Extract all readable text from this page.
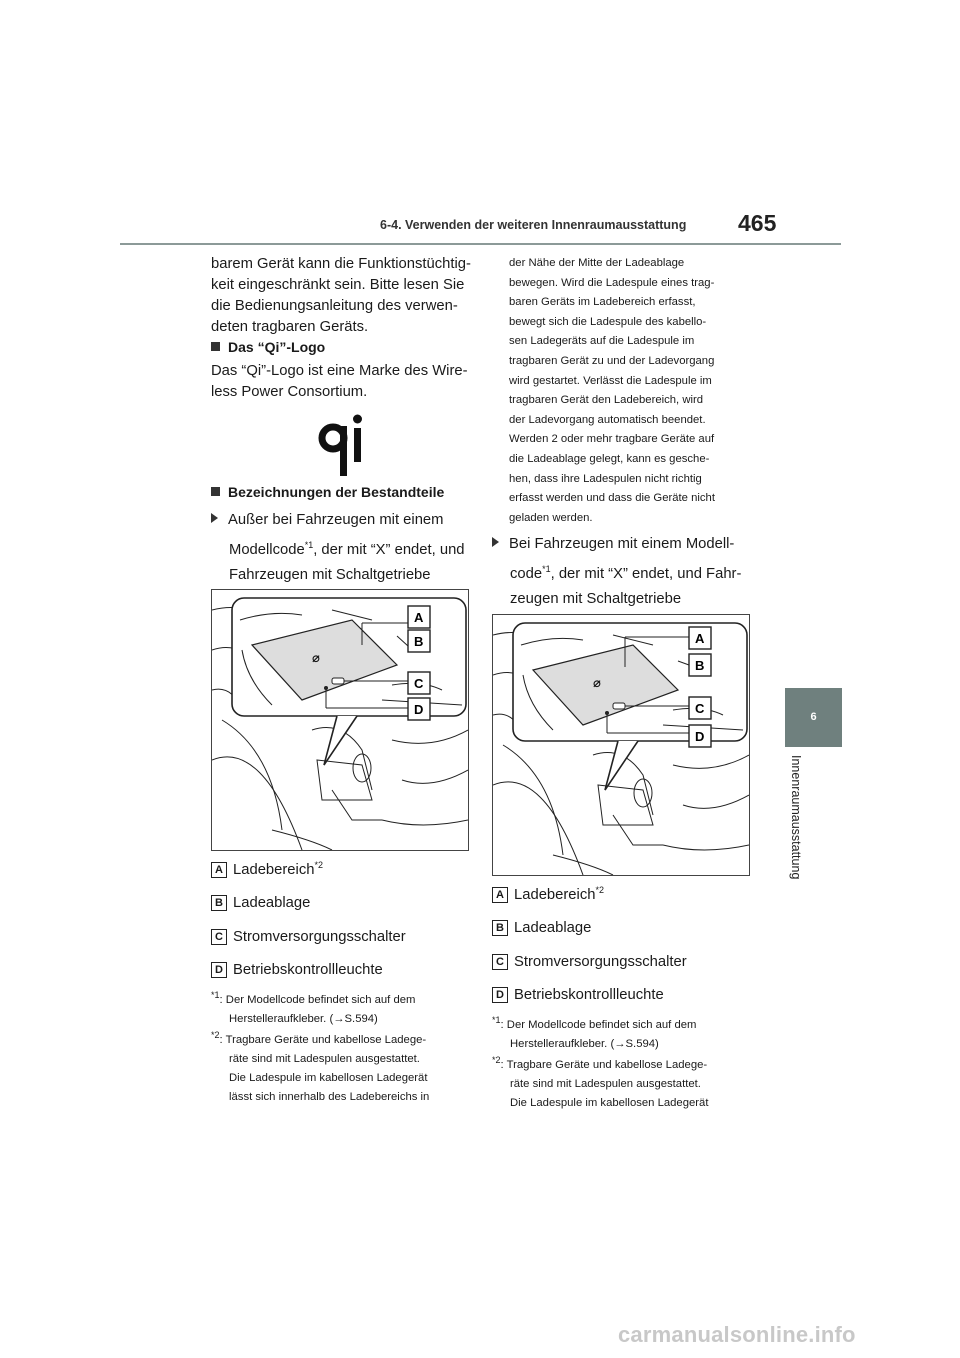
6-4. Verwenden der weiteren Innenraumausstattung 465
6
Innenraumausstattung
barem Gerät kann die Funktionstüchtig-
keit eingeschränkt sein. Bitte lesen Sie
die Bedienungsanleitung des verwen-
deten tragbaren Geräts.
Das “Qi”-Logo
Das “Qi”-Logo ist eine Marke des Wire-
less Power Consortium.
Bezeichnungen der Bestandteile
Außer bei Fahrzeugen mit einem
Modellcode$^{*1}$, der mit “X” endet, und
Fahrzeugen mit Schaltgetriebe
⌀
A
B
C
D
A Ladebereich$^{*2}$
B Ladeablage
C Stromversorgungsschalter
D Betriebskontrollleuchte
$^{*1}$: Der Modellcode befindet sich auf dem
Herstelleraufkleber. (→S.594)
$^{*2}$: Tragbare Geräte und kabellose Ladege-
räte sind mit Ladespulen ausgestattet.
Die Ladespule im kabellosen Ladegerät
lässt sich innerhalb des Ladebereichs in
der Nähe der Mitte der Ladeablage
bewegen. Wird die Ladespule eines trag-
baren Geräts im Ladebereich erfasst,
bewegt sich die Ladespule des kabello-
sen Ladegeräts auf die Ladespule im
tragbaren Gerät zu und der Ladevorgang
wird gestartet. Verlässt die Ladespule im
tragbaren Gerät den Ladebereich, wird
der Ladevorgang automatisch beendet.
Werden 2 oder mehr tragbare Geräte auf
die Ladeablage gelegt, kann es gesche-
hen, dass ihre Ladespulen nicht richtig
erfasst werden und dass die Geräte nicht
geladen werden.
Bei Fahrzeugen mit einem Modell-
code$^{*1}$, der mit “X” endet, und Fahr-
zeugen mit Schaltgetriebe
⌀
A
B
C
D
A Ladebereich$^{*2}$
B Ladeablage
C Stromversorgungsschalter
D Betriebskontrollleuchte
$^{*1}$: Der Modellcode befindet sich auf dem
Herstelleraufkleber. (→S.594)
$^{*2}$: Tragbare Geräte und kabellose Ladege-
räte sind mit Ladespulen ausgestattet.
Die Ladespule im kabellosen Ladegerät
carmanualsonline.info
